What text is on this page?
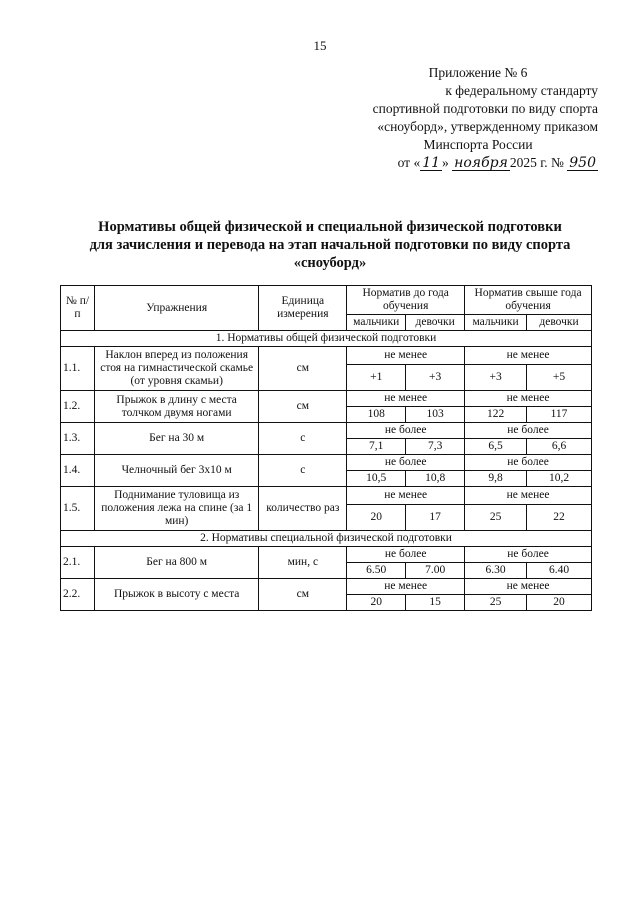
15
Приложение № 6
к федеральному стандарту
спортивной подготовки по виду спорта
«сноуборд», утвержденному приказом
Минспорта России
от « 11 » ноября 2025 г. № 950
Нормативы общей физической и специальной физической подготовки
для зачисления и перевода на этап начальной подготовки по виду спорта
«сноуборд»
№ п/п	Упражнения	Единица измерения	Норматив до года обучения		Норматив свыше года обучения	
			мальчики	девочки	мальчики	девочки
1. Нормативы общей физической подготовки						
1.1.	Наклон вперед из положения стоя на гимнастической скамье (от уровня скамьи)	см	не менее		не менее	
			+1	+3	+3	+5
1.2.	Прыжок в длину с места толчком двумя ногами	см	не менее		не менее	
			108	103	122	117
1.3.	Бег на 30 м	с	не более		не более	
			7,1	7,3	6,5	6,6
1.4.	Челночный бег 3x10 м	с	не более		не более	
			10,5	10,8	9,8	10,2
1.5.	Поднимание туловища из положения лежа на спине (за 1 мин)	количество раз	не менее		не менее	
			20	17	25	22
2. Нормативы специальной физической подготовки						
2.1.	Бег на 800 м	мин, с	не более		не более	
			6.50	7.00	6.30	6.40
2.2.	Прыжок в высоту с места	см	не менее		не менее	
			20	15	25	20
